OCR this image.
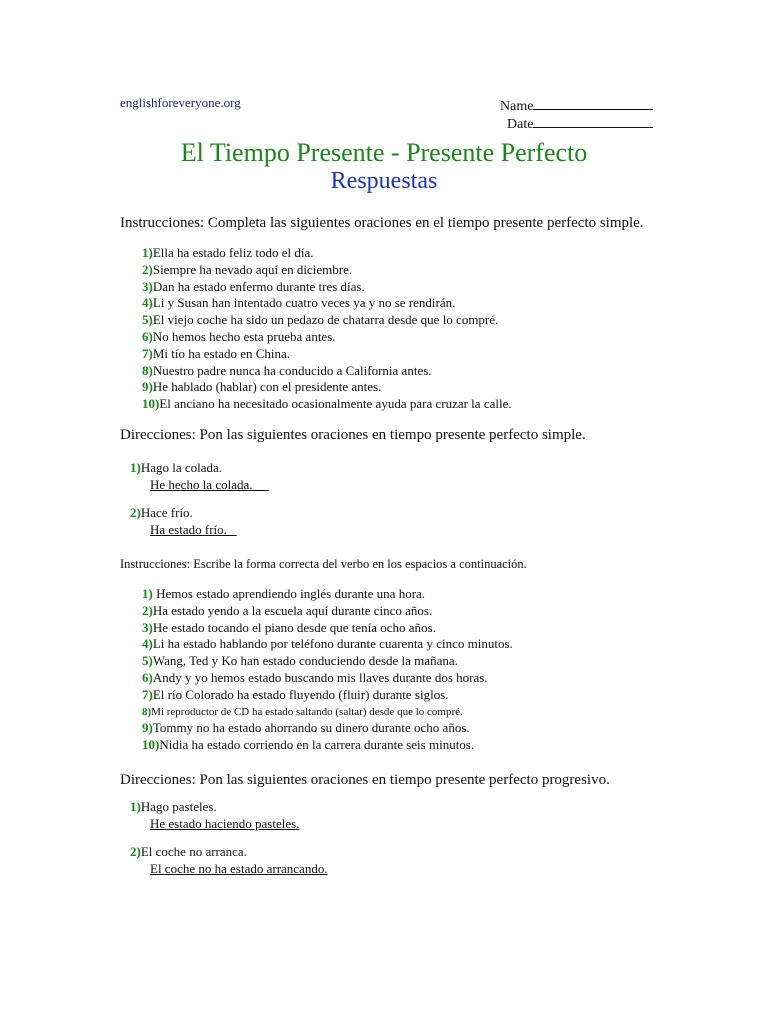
englishforeveryone.org	Name
Date
El Tiempo Presente - Presente Perfecto
Respuestas
Instrucciones: Completa las siguientes oraciones en el tiempo presente perfecto simple.
1)Ella ha estado feliz todo el día.
2)Siempre ha nevado aquí en diciembre.
3)Dan ha estado enfermo durante tres días.
4)Li y Susan han intentado cuatro veces ya y no se rendirán.
5)El viejo coche ha sido un pedazo de chatarra desde que lo compré.
6)No hemos hecho esta prueba antes.
7)Mi tío ha estado en China.
8)Nuestro padre nunca ha conducido a California antes.
9)He hablado (hablar) con el presidente antes.
10)El anciano ha necesitado ocasionalmente ayuda para cruzar la calle.
Direcciones: Pon las siguientes oraciones en tiempo presente perfecto simple.
1)Hago la colada.
He hecho la colada.
2)Hace frío.
Ha estado frío.
Instrucciones: Escribe la forma correcta del verbo en los espacios a continuación.
1) Hemos estado aprendiendo inglés durante una hora.
2)Ha estado yendo a la escuela aquí durante cinco años.
3)He estado tocando el piano desde que tenía ocho años.
4)Li ha estado hablando por teléfono durante cuarenta y cinco minutos.
5)Wang, Ted y Ko han estado conduciendo desde la mañana.
6)Andy y yo hemos estado buscando mis llaves durante dos horas.
7)El río Colorado ha estado fluyendo (fluir) durante siglos.
8)Mi reproductor de CD ha estado saltando (saltar) desde que lo compré.
9)Tommy no ha estado ahorrando su dinero durante ocho años.
10)Nidia ha estado corriendo en la carrera durante seis minutos.
Direcciones: Pon las siguientes oraciones en tiempo presente perfecto progresivo.
1)Hago pasteles.
He estado haciendo pasteles.
2)El coche no arranca.
El coche no ha estado arrancando.
